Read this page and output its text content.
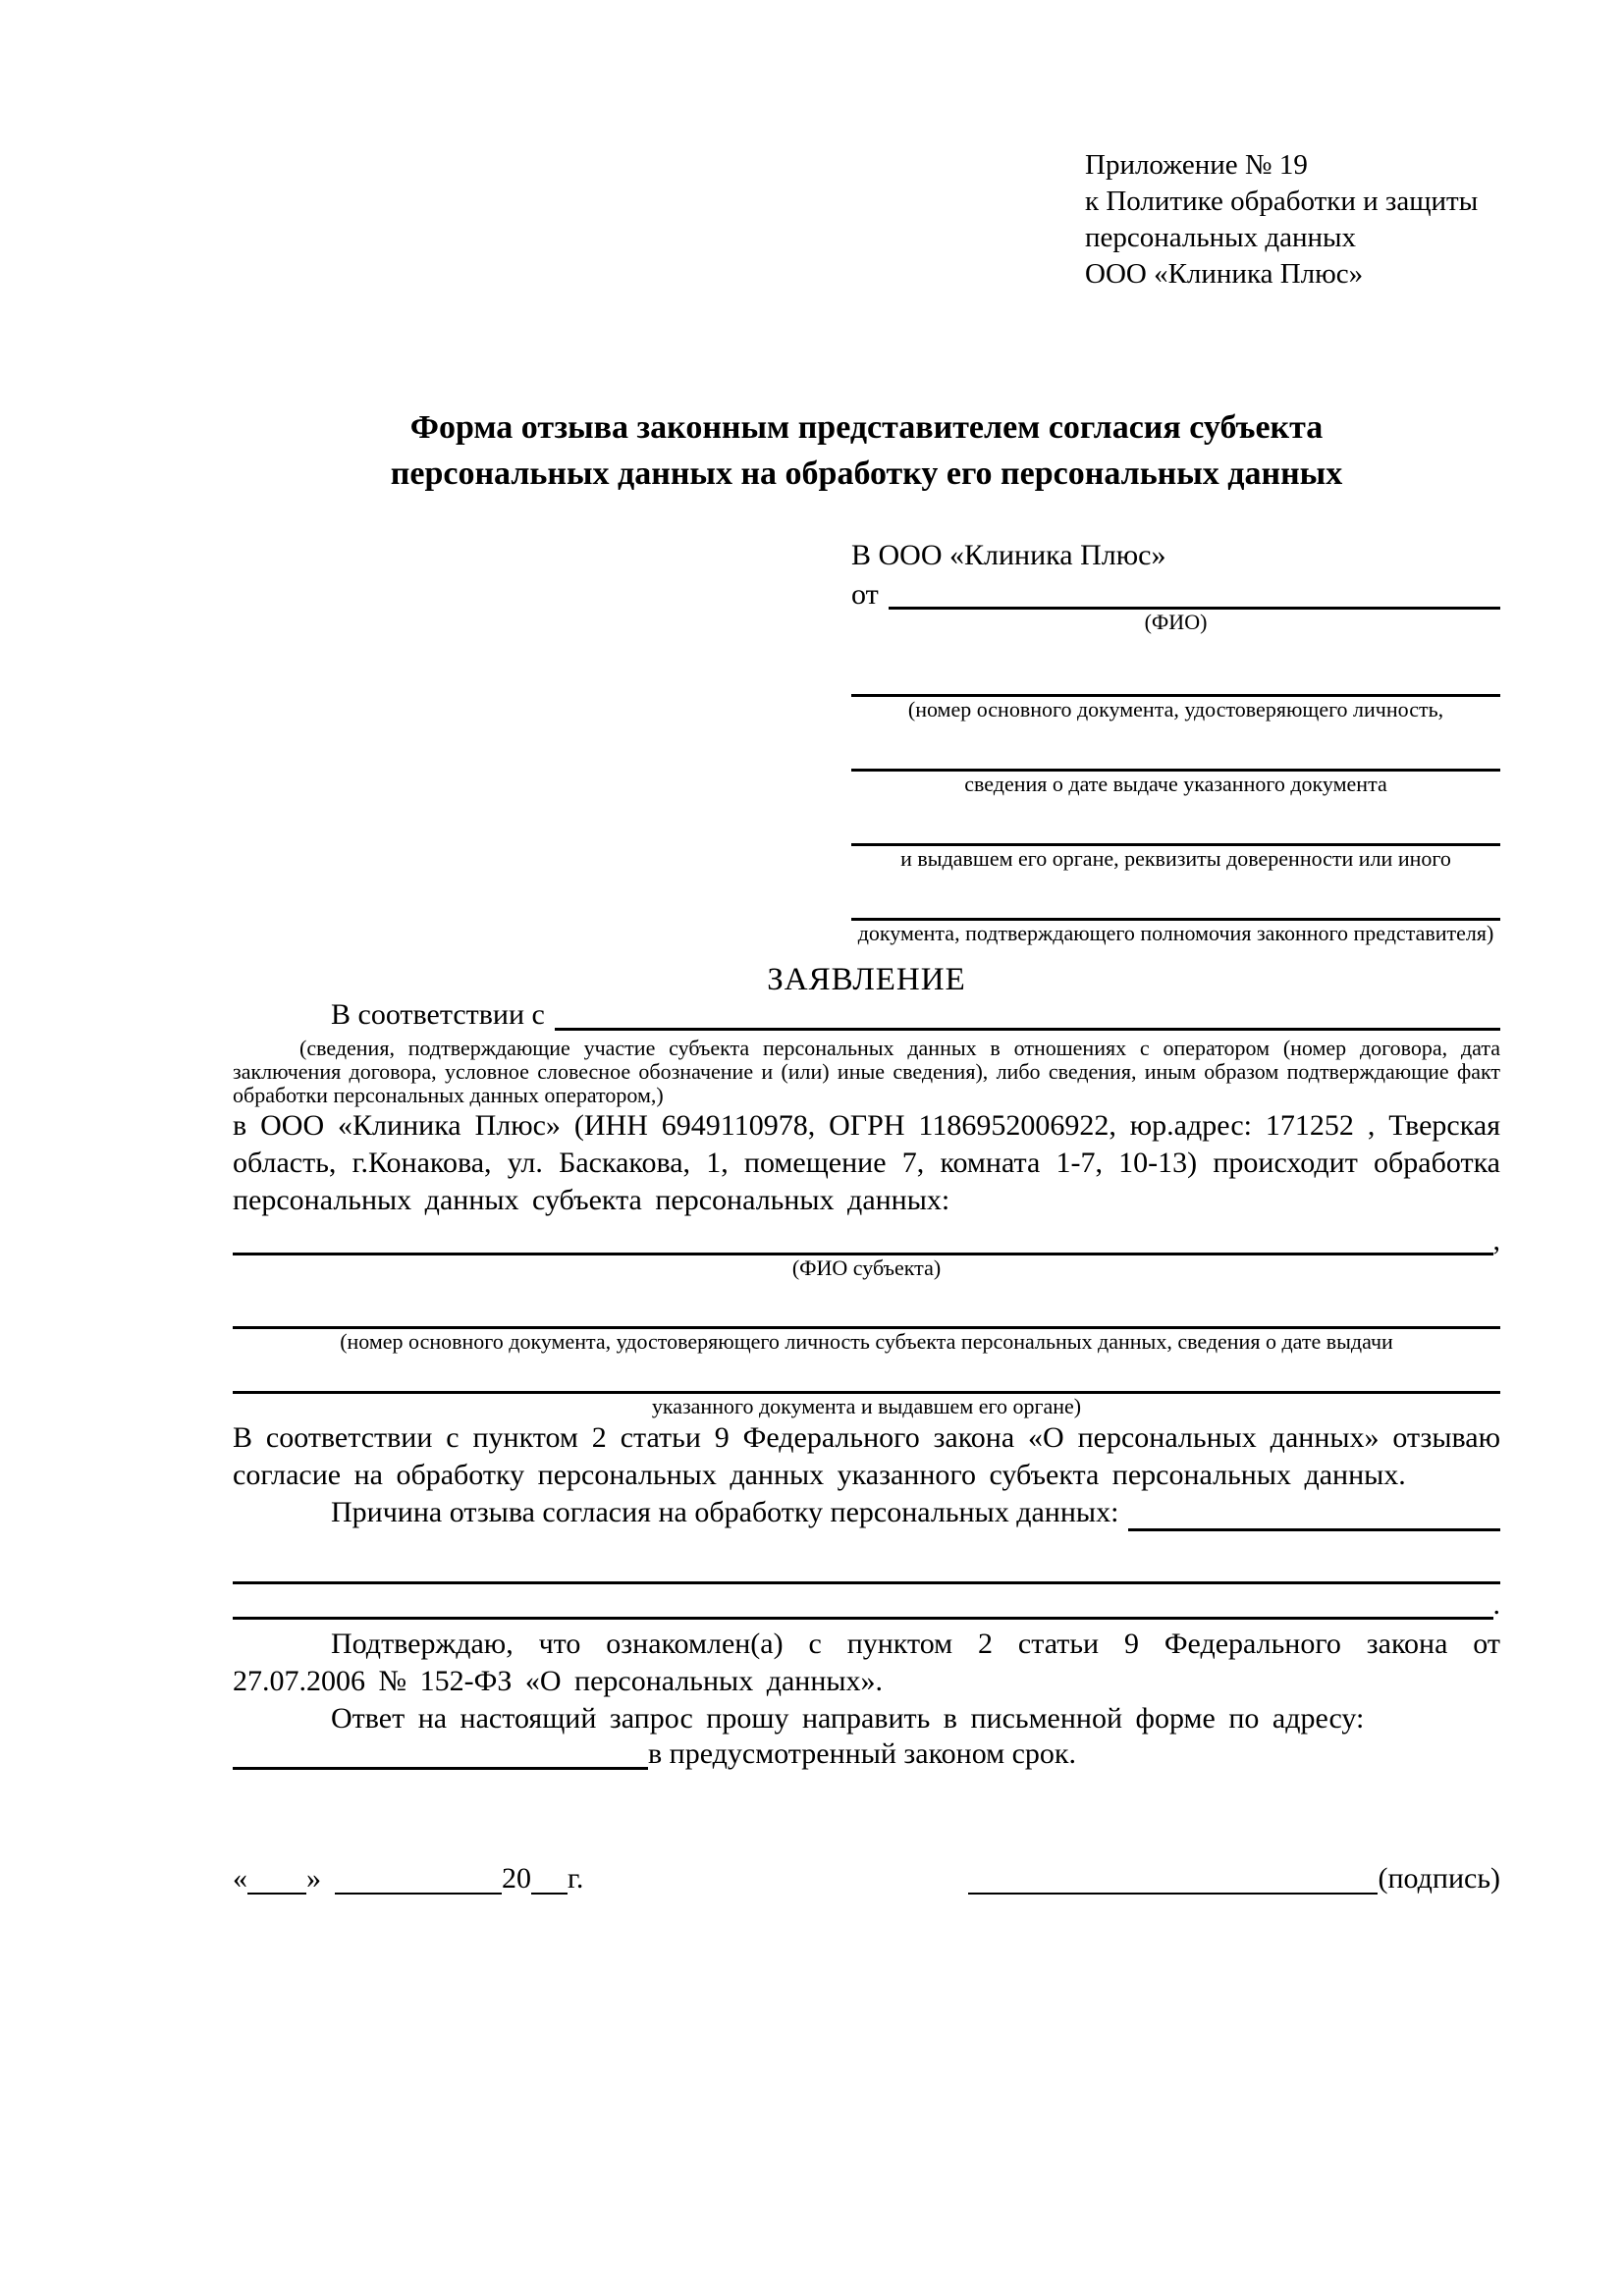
Приложение № 19
к Политике обработки и защиты
персональных данных
ООО «Клиника Плюс»
Форма отзыва законным представителем согласия субъекта персональных данных на обработку его персональных данных
В ООО «Клиника Плюс»
от
(ФИО)
(номер основного документа, удостоверяющего личность,
сведения о дате выдаче указанного документа
и выдавшем его органе, реквизиты доверенности или иного
документа, подтверждающего полномочия законного представителя)
ЗАЯВЛЕНИЕ
В соответствии с

(сведения, подтверждающие участие субъекта персональных данных в отношениях с оператором (номер договора, дата заключения договора, условное словесное обозначение и (или) иные сведения), либо сведения, иным образом подтверждающие факт обработки персональных данных оператором,)

в ООО «Клиника Плюс» (ИНН 6949110978, ОГРН 1186952006922, юр.адрес: 171252 , Тверская область, г.Конакова, ул. Баскакова, 1, помещение 7, комната 1-7, 10-13) происходит обработка персональных данных субъекта персональных данных:

,
(ФИО субъекта)
(номер основного документа, удостоверяющего личность субъекта персональных данных, сведения о дате выдачи
указанного документа и выдавшем его органе)

В соответствии с пунктом 2 статьи 9 Федерального закона «О персональных данных» отзываю согласие на обработку персональных данных указанного субъекта персональных данных.

Причина отзыва согласия на обработку персональных данных:
.

Подтверждаю, что ознакомлен(а) с пунктом 2 статьи 9 Федерального закона от 27.07.2006 № 152-ФЗ «О персональных данных».

Ответ на настоящий запрос прошу направить в письменной форме по адресу:

в предусмотренный законом срок.
« »	20 г.	(подпись)
